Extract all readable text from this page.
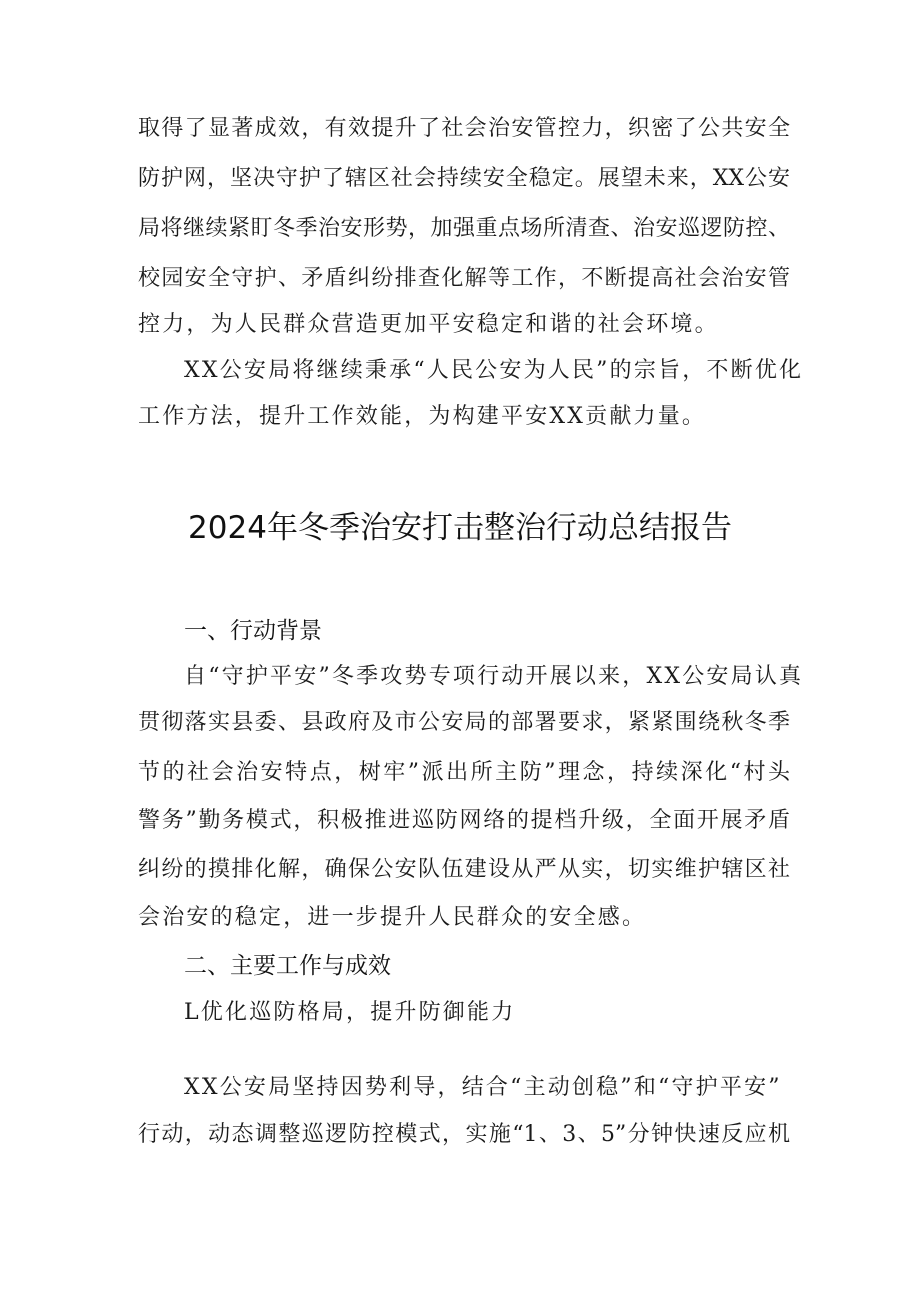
取得了显著成效，有效提升了社会治安管控力，织密了公共安全
防护网，坚决守护了辖区社会持续安全稳定。展望未来，XX公安
局将继续紧盯冬季治安形势，加强重点场所清查、治安巡逻防控、
校园安全守护、矛盾纠纷排查化解等工作，不断提高社会治安管
控力，为人民群众营造更加平安稳定和谐的社会环境。
XX公安局将继续秉承“人民公安为人民”的宗旨，不断优化
工作方法，提升工作效能，为构建平安XX贡献力量。
2024年冬季治安打击整治行动总结报告
一、行动背景
自“守护平安”冬季攻势专项行动开展以来，XX公安局认真
贯彻落实县委、县政府及市公安局的部署要求，紧紧围绕秋冬季
节的社会治安特点，树牢”派出所主防”理念，持续深化“村头
警务”勤务模式，积极推进巡防网络的提档升级，全面开展矛盾
纠纷的摸排化解，确保公安队伍建设从严从实，切实维护辖区社
会治安的稳定，进一步提升人民群众的安全感。
二、主要工作与成效
L优化巡防格局，提升防御能力
XX公安局坚持因势利导，结合“主动创稳”和“守护平安”
行动，动态调整巡逻防控模式，实施“1、3、5”分钟快速反应机
